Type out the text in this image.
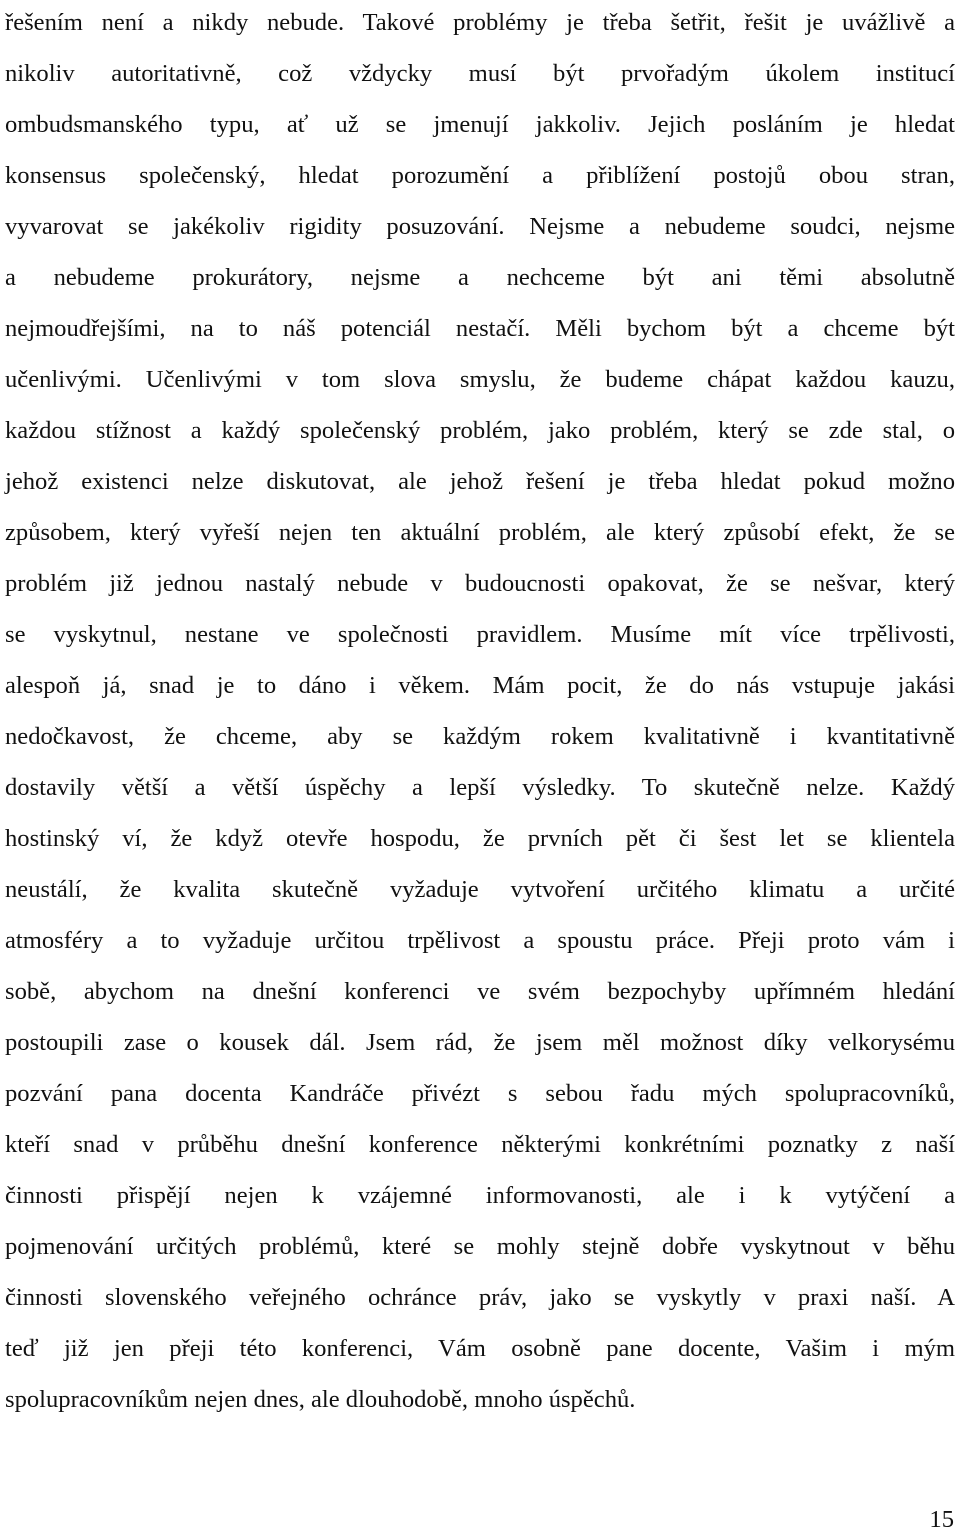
řešením není a nikdy nebude. Takové problémy je třeba šetřit, řešit je uvážlivě a
nikoliv autoritativně, což vždycky musí být prvořadým úkolem institucí
ombudsmanského typu, ať už se jmenují jakkoliv. Jejich posláním je hledat
konsensus společenský, hledat porozumění a přiblížení postojů obou stran,
vyvarovat se jakékoliv rigidity posuzování. Nejsme a nebudeme soudci, nejsme
a nebudeme prokurátory, nejsme a nechceme být ani těmi absolutně
nejmoudřejšími, na to náš potenciál nestačí. Měli bychom být a chceme být
učenlivými. Učenlivými v tom slova smyslu, že budeme chápat každou kauzu,
každou stížnost a každý společenský problém, jako problém, který se zde stal, o
jehož existenci nelze diskutovat, ale jehož řešení je třeba hledat pokud možno
způsobem, který vyřeší nejen ten aktuální problém, ale který způsobí efekt, že se
problém již jednou nastalý nebude v budoucnosti opakovat, že se nešvar, který
se vyskytnul, nestane ve společnosti pravidlem. Musíme mít více trpělivosti,
alespoň já, snad je to dáno i věkem. Mám pocit, že do nás vstupuje jakási
nedočkavost, že chceme, aby se každým rokem kvalitativně i kvantitativně
dostavily větší a větší úspěchy a lepší výsledky. To skutečně nelze. Každý
hostinský ví, že když otevře hospodu, že prvních pět či šest let se klientela
neustálí, že kvalita skutečně vyžaduje vytvoření určitého klimatu a určité
atmosféry a to vyžaduje určitou trpělivost a spoustu práce. Přeji proto vám i
sobě, abychom na dnešní konferenci ve svém bezpochyby upřímném hledání
postoupili zase o kousek dál. Jsem rád, že jsem měl možnost díky velkorysému
pozvání pana docenta Kandráče přivézt s sebou řadu mých spolupracovníků,
kteří snad v průběhu dnešní konference některými konkrétními poznatky z naší
činnosti přispějí nejen k vzájemné informovanosti, ale i k vytýčení a
pojmenování určitých problémů, které se mohly stejně dobře vyskytnout v běhu
činnosti slovenského veřejného ochránce práv, jako se vyskytly v praxi naší. A
teď již jen přeji této konferenci, Vám osobně pane docente, Vašim i mým
spolupracovníkům nejen dnes, ale dlouhodobě, mnoho úspěchů.
15
